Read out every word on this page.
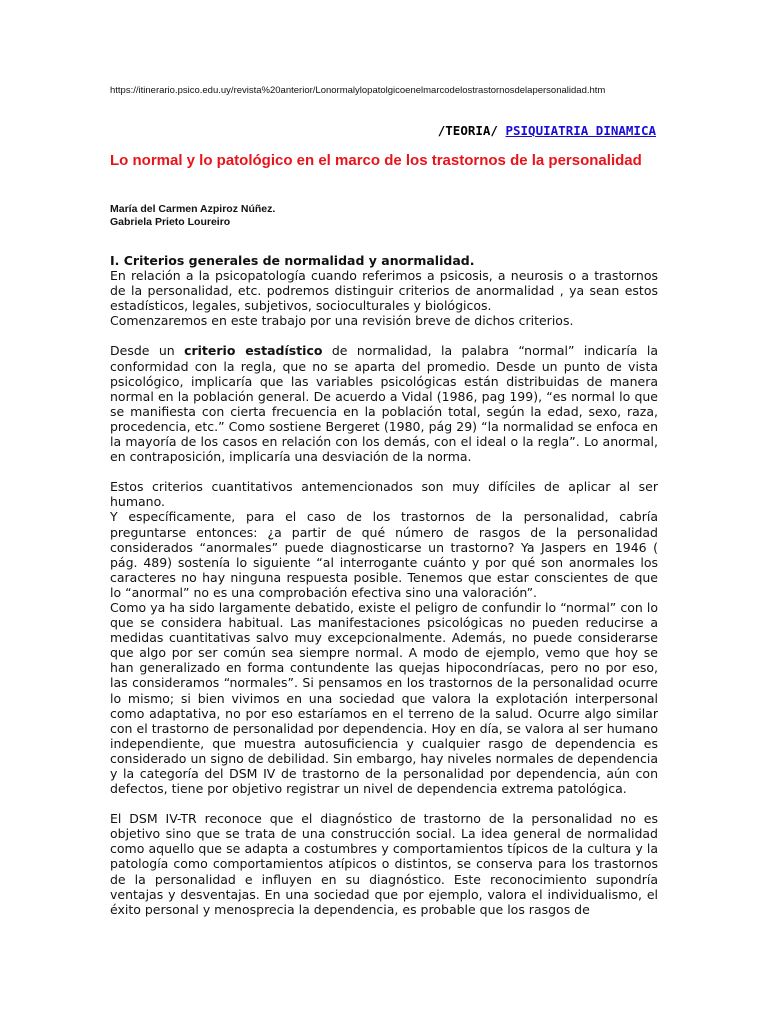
https://itinerario.psico.edu.uy/revista%20anterior/Lonormalylopatolgicoenelmarcodelostrastornosdelapersonalidad.htm
/TEORIA/ PSIQUIATRIA DINAMICA
Lo normal y lo patológico en el marco de los trastornos de la personalidad
María del Carmen Azpiroz Núñez.
Gabriela Prieto Loureiro
I. Criterios generales de normalidad y anormalidad.

En relación a la psicopatología cuando referimos a psicosis, a neurosis o a trastornos de la personalidad, etc. podremos distinguir criterios de anormalidad , ya sean estos estadísticos, legales, subjetivos, socioculturales y biológicos.

Comenzaremos en este trabajo por una revisión breve de dichos criterios.

Desde un criterio estadístico de normalidad, la palabra “normal” indicaría la conformidad con la regla, que no se aparta del promedio. Desde un punto de vista psicológico, implicaría que las variables psicológicas están distribuidas de manera normal en la población general. De acuerdo a Vidal (1986, pag 199), “es normal lo que se manifiesta con cierta frecuencia en la población total, según la edad, sexo, raza, procedencia, etc.” Como sostiene Bergeret (1980, pág 29) “la normalidad se enfoca en la mayoría de los casos en relación con los demás, con el ideal o la regla”. Lo anormal, en contraposición, implicaría una desviación de la norma.

Estos criterios cuantitativos antemencionados son muy difíciles de aplicar al ser humano.

Y específicamente, para el caso de los trastornos de la personalidad, cabría preguntarse entonces: ¿a partir de qué número de rasgos de la personalidad considerados “anormales” puede diagnosticarse un trastorno? Ya Jaspers en 1946 ( pág. 489) sostenía lo siguiente “al interrogante cuánto y por qué son anormales los caracteres no hay ninguna respuesta posible. Tenemos que estar conscientes de que lo “anormal” no es una comprobación efectiva sino una valoración”.

Como ya ha sido largamente debatido, existe el peligro de confundir lo “normal” con lo que se considera habitual. Las manifestaciones psicológicas no pueden reducirse a medidas cuantitativas salvo muy excepcionalmente. Además, no puede considerarse que algo por ser común sea siempre normal. A modo de ejemplo, vemo que hoy se han generalizado en forma contundente las quejas hipocondríacas, pero no por eso, las consideramos “normales”. Si pensamos en los trastornos de la personalidad ocurre lo mismo; si bien vivimos en una sociedad que valora la explotación interpersonal como adaptativa, no por eso estaríamos en el terreno de la salud. Ocurre algo similar con el trastorno de personalidad por dependencia. Hoy en día, se valora al ser humano independiente, que muestra autosuficiencia y cualquier rasgo de dependencia es considerado un signo de debilidad. Sin embargo, hay niveles normales de dependencia y la categoría del DSM IV de trastorno de la personalidad por dependencia, aún con defectos, tiene por objetivo registrar un nivel de dependencia extrema patológica.

El DSM IV-TR reconoce que el diagnóstico de trastorno de la personalidad no es objetivo sino que se trata de una construcción social. La idea general de normalidad como aquello que se adapta a costumbres y comportamientos típicos de la cultura y la patología como comportamientos atípicos o distintos, se conserva para los trastornos de la personalidad e influyen en su diagnóstico. Este reconocimiento supondría ventajas y desventajas. En una sociedad que por ejemplo, valora el individualismo, el éxito personal y menosprecia la dependencia, es probable que los rasgos de
